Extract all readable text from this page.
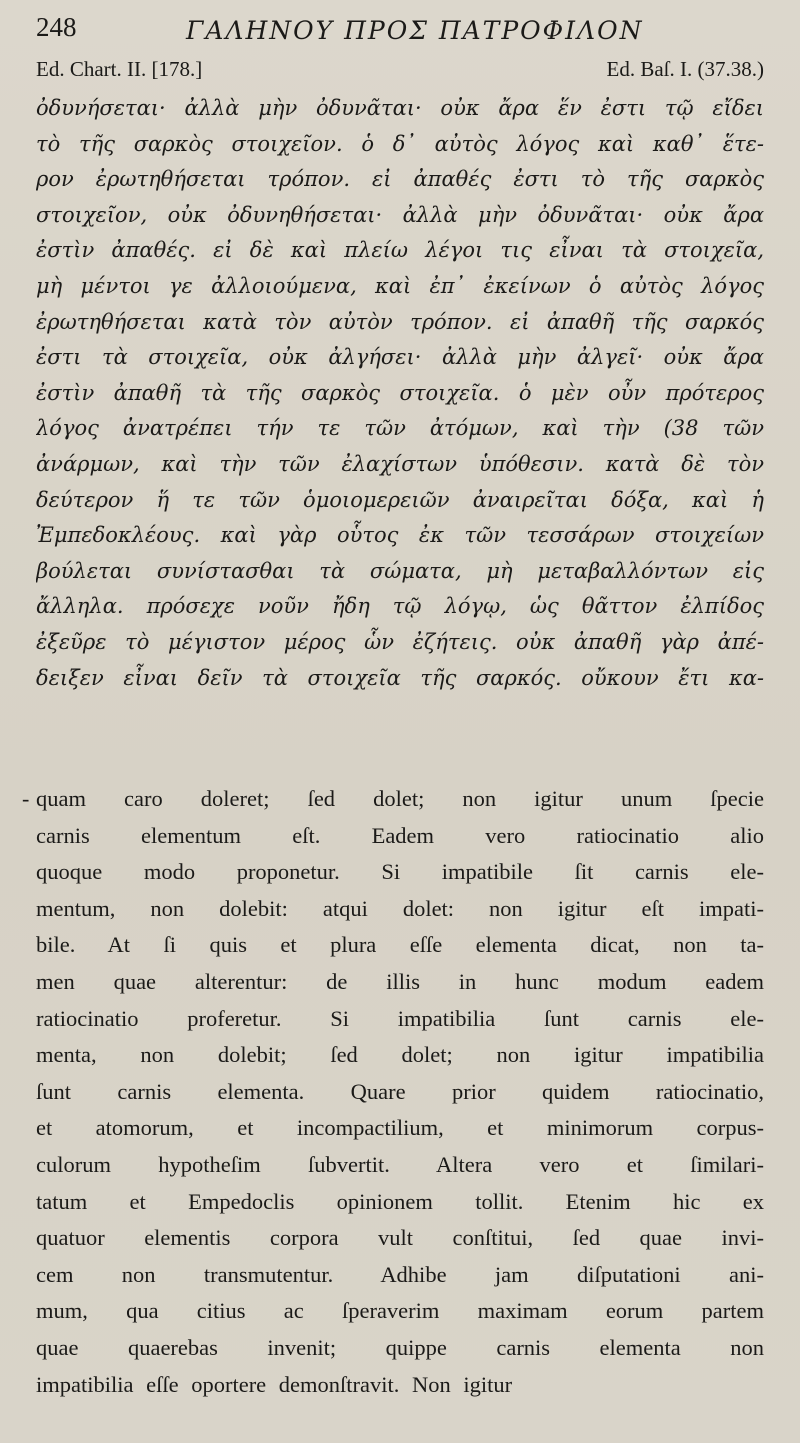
248	ΓΑΛΗΝΟΥ ΠΡΟΣ ΠΑΤΡΟΦΙΛΟΝ
Ed. Chart. II. [178.]	Ed. Baſ. I. (37.38.)
ὀδυνήσεται· ἀλλὰ μὴν ὀδυνᾶται· οὐκ ἄρα ἕν ἐστι τῷ εἴδει
τὸ τῆς σαρκὸς στοιχεῖον. ὁ δ᾽ αὐτὸς λόγος καὶ καθ᾽ ἕτε-
ρον ἐρωτηθήσεται τρόπον. εἰ ἀπαθές ἐστι τὸ τῆς σαρκὸς
στοιχεῖον, οὐκ ὀδυνηθήσεται· ἀλλὰ μὴν ὀδυνᾶται· οὐκ ἄρα
ἐστὶν ἀπαθές. εἰ δὲ καὶ πλείω λέγοι τις εἶναι τὰ στοιχεῖα,
μὴ μέντοι γε ἀλλοιούμενα, καὶ ἐπ᾽ ἐκείνων ὁ αὐτὸς λόγος
ἐρωτηθήσεται κατὰ τὸν αὐτὸν τρόπον. εἰ ἀπαθῆ τῆς σαρκός
ἐστι τὰ στοιχεῖα, οὐκ ἀλγήσει· ἀλλὰ μὴν ἀλγεῖ· οὐκ ἄρα
ἐστὶν ἀπαθῆ τὰ τῆς σαρκὸς στοιχεῖα. ὁ μὲν οὖν πρότερος
λόγος ἀνατρέπει τήν τε τῶν ἀτόμων, καὶ τὴν (38 τῶν
ἀνάρμων, καὶ τὴν τῶν ἐλαχίστων ὑπόθεσιν. κατὰ δὲ τὸν
δεύτερον ἥ τε τῶν ὁμοιομερειῶν ἀναιρεῖται δόξα, καὶ ἡ
Ἐμπεδοκλέους. καὶ γὰρ οὗτος ἐκ τῶν τεσσάρων στοιχείων
βούλεται συνίστασθαι τὰ σώματα, μὴ μεταβαλλόντων εἰς
ἄλληλα. πρόσεχε νοῦν ἤδη τῷ λόγῳ, ὡς θᾶττον ἐλπίδος
ἐξεῦρε τὸ μέγιστον μέρος ὧν ἐζήτεις. οὐκ ἀπαθῆ γὰρ ἀπέ-
δειξεν εἶναι δεῖν τὰ στοιχεῖα τῆς σαρκός. οὔκουν ἔτι κα-
- quam caro doleret; ſed dolet; non igitur unum ſpecie
carnis elementum eſt. Eadem vero ratiocinatio alio
quoque modo proponetur. Si impatibile ſit carnis ele-
mentum, non dolebit: atqui dolet: non igitur eſt impati-
bile. At ſi quis et plura eſſe elementa dicat, non ta-
men quae alterentur: de illis in hunc modum eadem
ratiocinatio proferetur. Si impatibilia ſunt carnis ele-
menta, non dolebit; ſed dolet; non igitur impatibilia
ſunt carnis elementa. Quare prior quidem ratiocinatio,
et atomorum, et incompactilium, et minimorum corpus-
culorum hypotheſim ſubvertit. Altera vero et ſimilari-
tatum et Empedoclis opinionem tollit. Etenim hic ex
quatuor elementis corpora vult conſtitui, ſed quae invi-
cem non transmutentur. Adhibe jam diſputationi ani-
mum, qua citius ac ſperaverim maximam eorum partem
quae quaerebas invenit; quippe carnis elementa non
impatibilia eſſe oportere demonſtravit. Non igitur
